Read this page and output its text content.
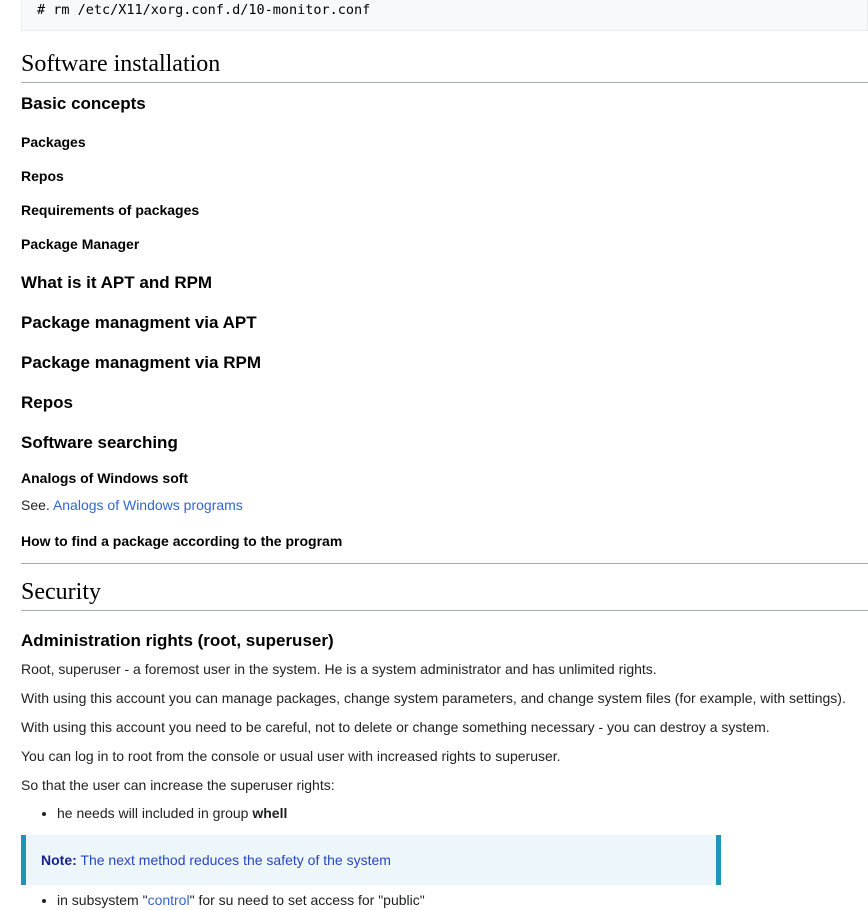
# rm /etc/X11/xorg.conf.d/10-monitor.conf
Software installation
Basic concepts
Packages
Repos
Requirements of packages
Package Manager
What is it APT and RPM
Package managment via APT
Package managment via RPM
Repos
Software searching
Analogs of Windows soft

See. Analogs of Windows programs

How to find a package according to the program
Security
Administration rights (root, superuser)

Root, superuser - a foremost user in the system. He is a system administrator and has unlimited rights.

With using this account you can manage packages, change system parameters, and change system files (for example, with settings).

With using this account you need to be careful, not to delete or change something necessary - you can destroy a system.

You can log in to root from the console or usual user with increased rights to superuser.

So that the user can increase the superuser rights:

• he needs will included in group whell
Note: The next method reduces the safety of the system
• in subsystem "control" for su need to set access for "public"
